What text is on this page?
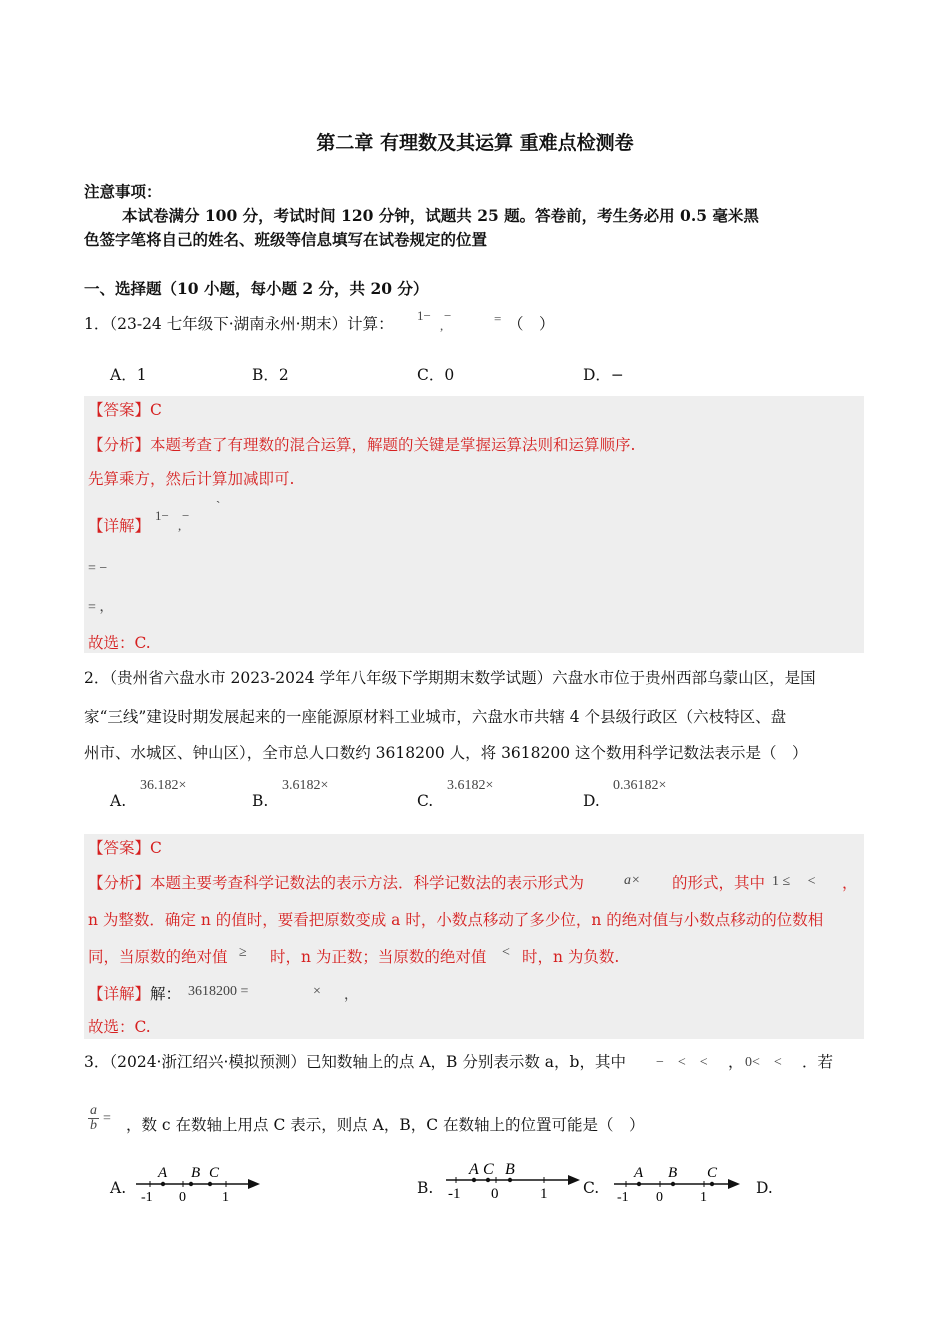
第二章 有理数及其运算 重难点检测卷
注意事项：
本试卷满分 100 分，考试时间 120 分钟，试题共 25 题。答卷前，考生务必用 0.5 毫米黑
色签字笔将自己的姓名、班级等信息填写在试卷规定的位置
一、选择题（10 小题，每小题 2 分，共 20 分）
1．（23-24 七年级下·湖南永州·期末）计算： 1− −
,	= （　）
A．1	B．2	C．0	D．−
【答案】C
【分析】本题考查了有理数的混合运算，解题的关键是掌握运算法则和运算顺序.
先算乘方，然后计算加减即可.
【详解】
1− −
,
`
= −
= ，
故选：C.
2．（贵州省六盘水市 2023-2024 学年八年级下学期期末数学试题）六盘水市位于贵州西部乌蒙山区，是国
家“三线”建设时期发展起来的一座能源原材料工业城市，六盘水市共辖 4 个县级行政区（六枝特区、盘
州市、水城区、钟山区），全市总人口数约 3618200 人，将 3618200 这个数用科学记数法表示是（　）
A.
36.182×
B.
3.6182×
C.
3.6182×
D.
0.36182×
【答案】C
【分析】本题主要考查科学记数法的表示方法．科学记数法的表示形式为	a× 的形式，其中 1 ≤　 < ，
n 为整数．确定 n 的值时，要看把原数变成 a 时，小数点移动了多少位，n 的绝对值与小数点移动的位数相
同，当原数的绝对值 ≥ 时，n 为正数；当原数的绝对值 < 时，n 为负数.
【详解】解： 3618200 =	× ，
故选：C.
3．（2024·浙江绍兴·模拟预测）已知数轴上的点 A，B 分别表示数 a，b，其中 −　<　< ， 0<　< ．若
$\frac{a}{b}$ = ，数 c 在数轴上用点 C 表示，则点 A，B，C 在数轴上的位置可能是（　）
A.
A B C
-1 0	1
B.
A C B
-1 0	1 C.
A B C
-1 0	1
D.
